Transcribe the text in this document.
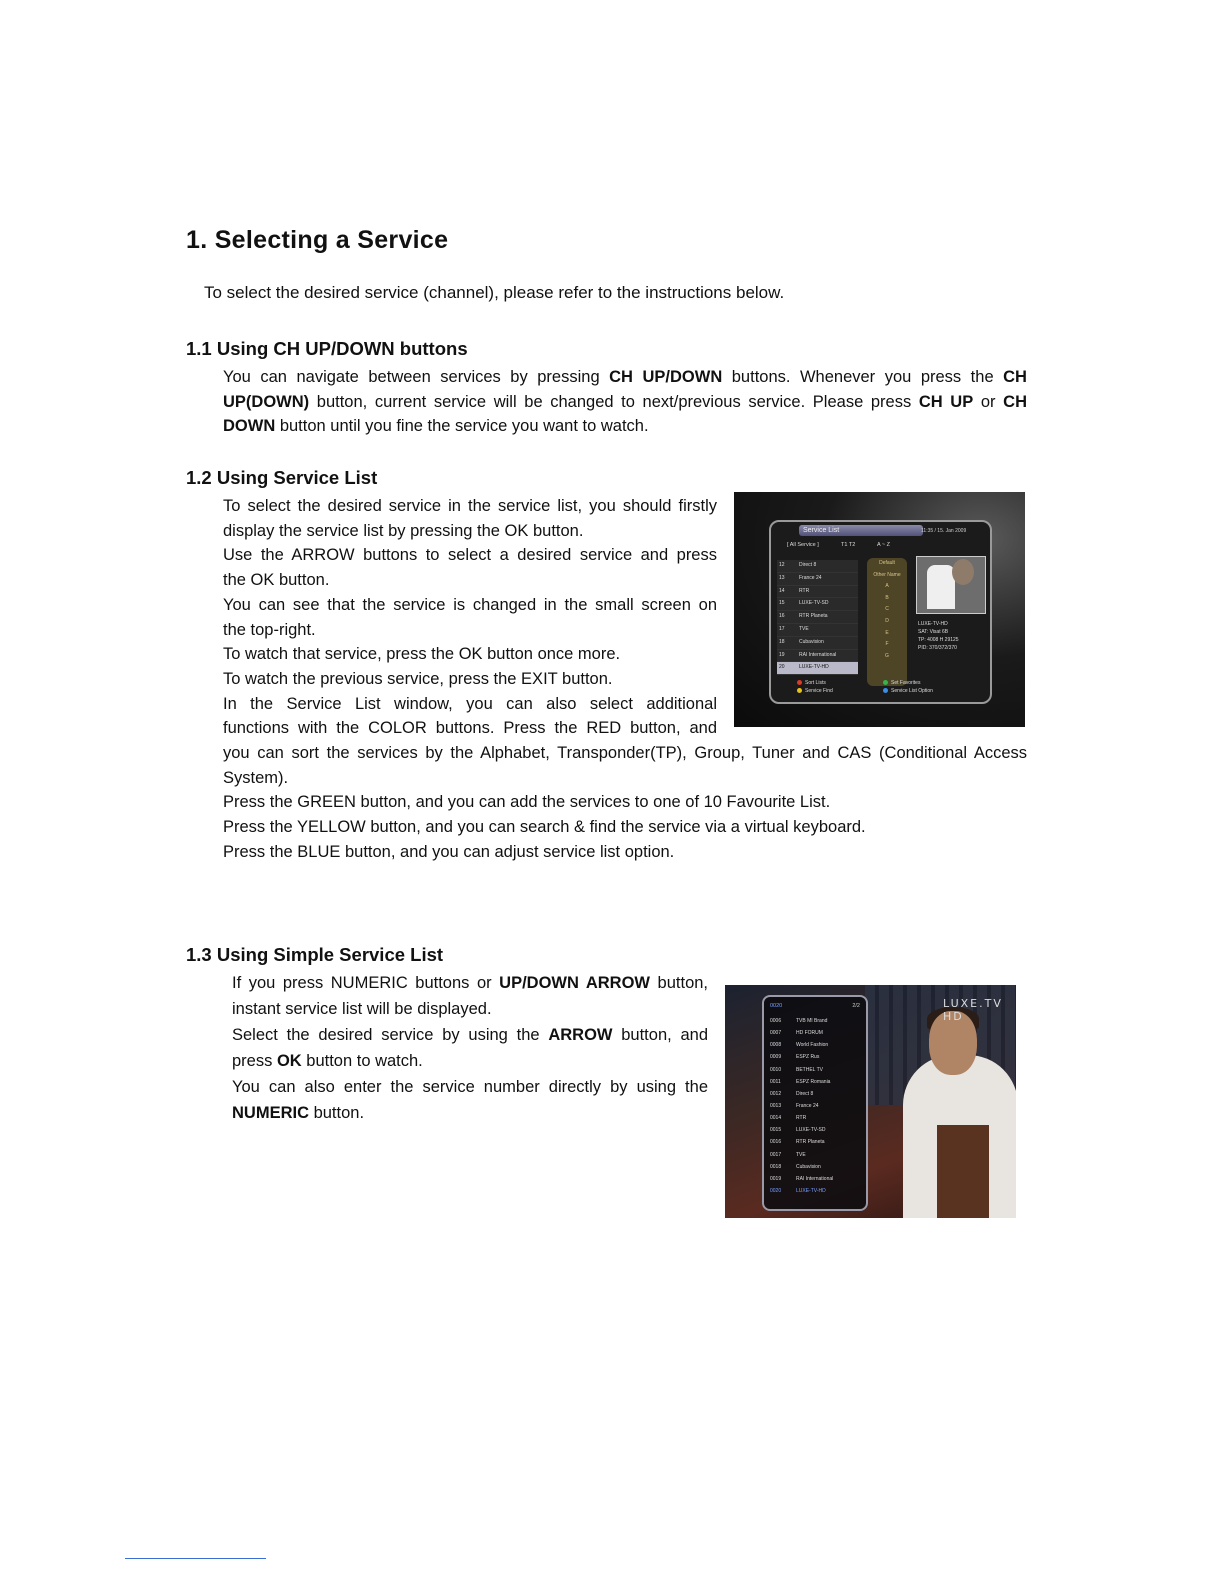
1. Selecting a Service
To select the desired service (channel), please refer to the instructions below.
1.1 Using CH UP/DOWN buttons
You can navigate between services by pressing CH UP/DOWN buttons. Whenever you press the CH
UP(DOWN) button, current service will be changed to next/previous service. Please press CH UP or CH
DOWN button until you fine the service you want to watch.
1.2 Using Service List
To select the desired service in the service list, you should firstly
display the service list by pressing the OK button.
Use the ARROW buttons to select a desired service and press
the OK button.
You can see that the service is changed in the small screen on
the top-right.
To watch that service, press the OK button once more.
To watch the previous service, press the EXIT button.
In the Service List window, you can also select additional
functions with the COLOR buttons. Press the RED button, and
you can sort the services by the Alphabet, Transponder(TP), Group, Tuner and CAS (Conditional Access
System).
Press the GREEN button, and you can add the services to one of 10 Favourite List.
Press the YELLOW button, and you can search & find the service via a virtual keyboard.
Press the BLUE button, and you can adjust service list option.
Service List	11:35 / 15. Jan 2009
[ All Service ]	T1 T2	A ~ Z
12	Direct 8
13	France 24
14	RTR
15	LUXE-TV-SD
16	RTR Planeta
17	TVE
18	Cubavision
19	RAI International
20	LUXE-TV-HD
Default
Other Name
A
B
C
D
E
F
G
LUXE-TV-HD
SAT: Visat 6B
TP: 4008 H 29125
PID: 370/372/370
Sort Lists	Set Favorites
Service Find	Service List Option
1.3 Using Simple Service List
If you press NUMERIC buttons or UP/DOWN ARROW button,
instant service list will be displayed.
Select the desired service by using the ARROW button, and
press OK button to watch.
You can also enter the service number directly by using the
NUMERIC button.
LUXE.TV HD
0020	2/2
0006	TVB MI Brand
0007	HD FORUM
0008	World Fashion
0009	ESPZ Rus
0010	BETHEL TV
0011	ESPZ Romania
0012	Direct 8
0013	France 24
0014	RTR
0015	LUXE-TV-SD
0016	RTR Planeta
0017	TVE
0018	Cubavision
0019	RAI International
0020	LUXE-TV-HD
